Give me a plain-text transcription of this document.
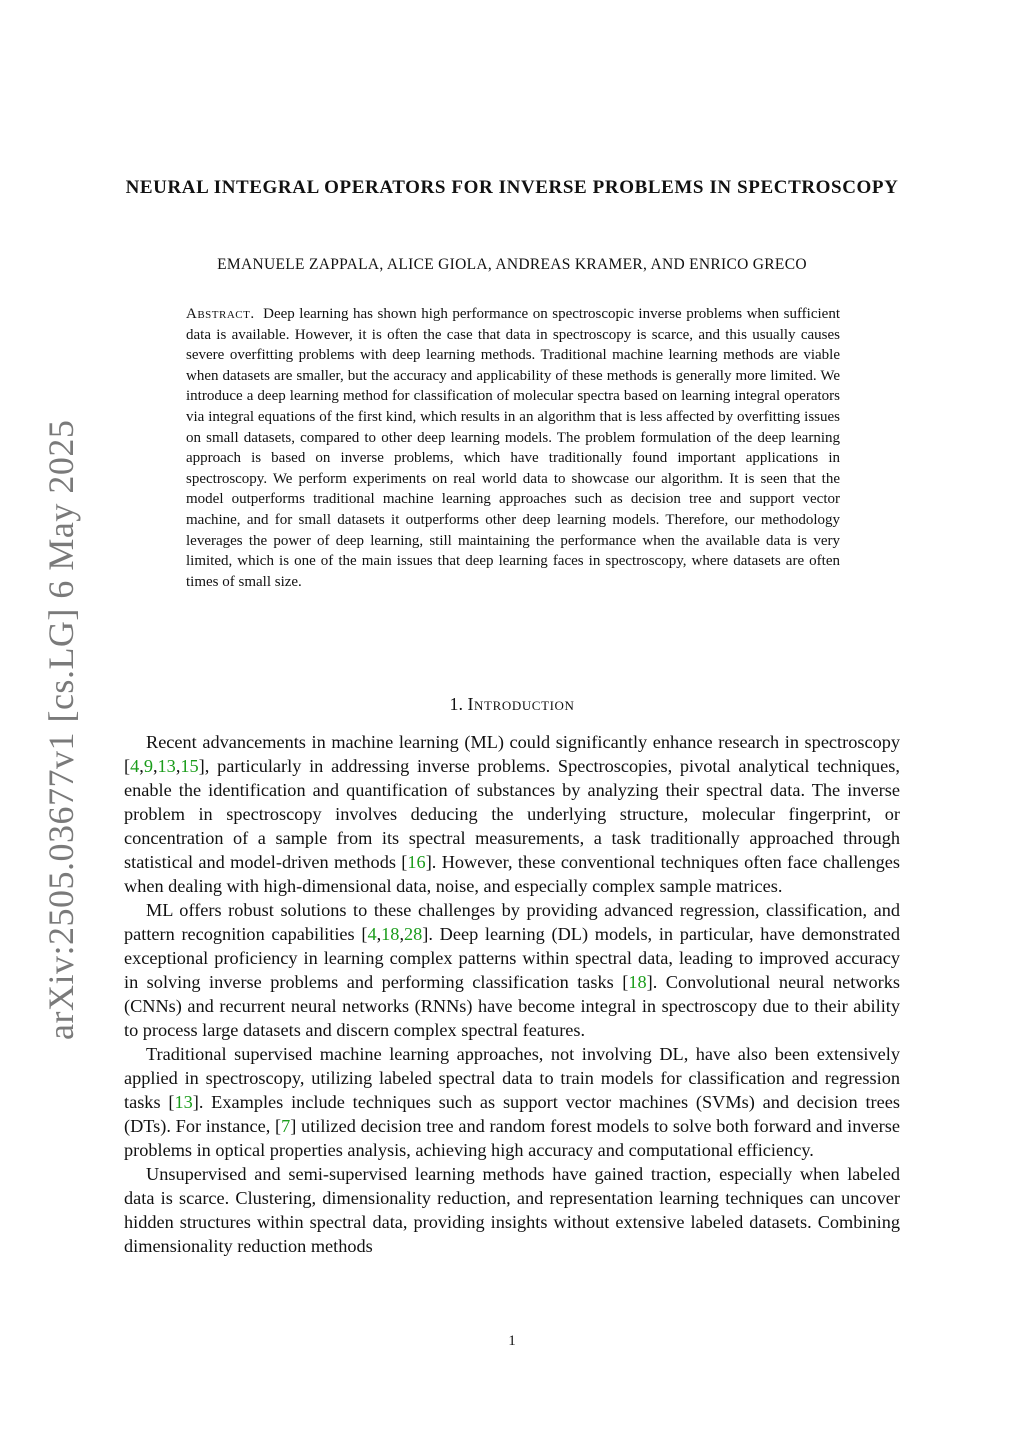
arXiv:2505.03677v1 [cs.LG] 6 May 2025
NEURAL INTEGRAL OPERATORS FOR INVERSE PROBLEMS IN SPECTROSCOPY
EMANUELE ZAPPALA, ALICE GIOLA, ANDREAS KRAMER, AND ENRICO GRECO
Abstract. Deep learning has shown high performance on spectroscopic inverse problems when sufficient data is available. However, it is often the case that data in spectroscopy is scarce, and this usually causes severe overfitting problems with deep learning methods. Traditional machine learning methods are viable when datasets are smaller, but the accuracy and applicability of these methods is generally more limited. We introduce a deep learning method for classification of molecular spectra based on learning integral operators via integral equations of the first kind, which results in an algorithm that is less affected by overfitting issues on small datasets, compared to other deep learning models. The problem formulation of the deep learning approach is based on inverse problems, which have traditionally found important applications in spectroscopy. We perform experiments on real world data to showcase our algorithm. It is seen that the model outperforms traditional machine learning approaches such as decision tree and support vector machine, and for small datasets it outperforms other deep learning models. Therefore, our methodology leverages the power of deep learning, still maintaining the performance when the available data is very limited, which is one of the main issues that deep learning faces in spectroscopy, where datasets are often times of small size.
1. Introduction

Recent advancements in machine learning (ML) could significantly enhance research in spectroscopy [4,9,13,15], particularly in addressing inverse problems. Spectroscopies, pivotal analytical techniques, enable the identification and quantification of substances by analyzing their spectral data. The inverse problem in spectroscopy involves deducing the underlying structure, molecular fingerprint, or concentration of a sample from its spectral measurements, a task traditionally approached through statistical and model-driven methods [16]. However, these conventional techniques often face challenges when dealing with high-dimensional data, noise, and especially complex sample matrices.

ML offers robust solutions to these challenges by providing advanced regression, classification, and pattern recognition capabilities [4,18,28]. Deep learning (DL) models, in particular, have demonstrated exceptional proficiency in learning complex patterns within spectral data, leading to improved accuracy in solving inverse problems and performing classification tasks [18]. Convolutional neural networks (CNNs) and recurrent neural networks (RNNs) have become integral in spectroscopy due to their ability to process large datasets and discern complex spectral features.

Traditional supervised machine learning approaches, not involving DL, have also been extensively applied in spectroscopy, utilizing labeled spectral data to train models for classification and regression tasks [13]. Examples include techniques such as support vector machines (SVMs) and decision trees (DTs). For instance, [7] utilized decision tree and random forest models to solve both forward and inverse problems in optical properties analysis, achieving high accuracy and computational efficiency.

Unsupervised and semi-supervised learning methods have gained traction, especially when labeled data is scarce. Clustering, dimensionality reduction, and representation learning techniques can uncover hidden structures within spectral data, providing insights without extensive labeled datasets. Combining dimensionality reduction methods

1
